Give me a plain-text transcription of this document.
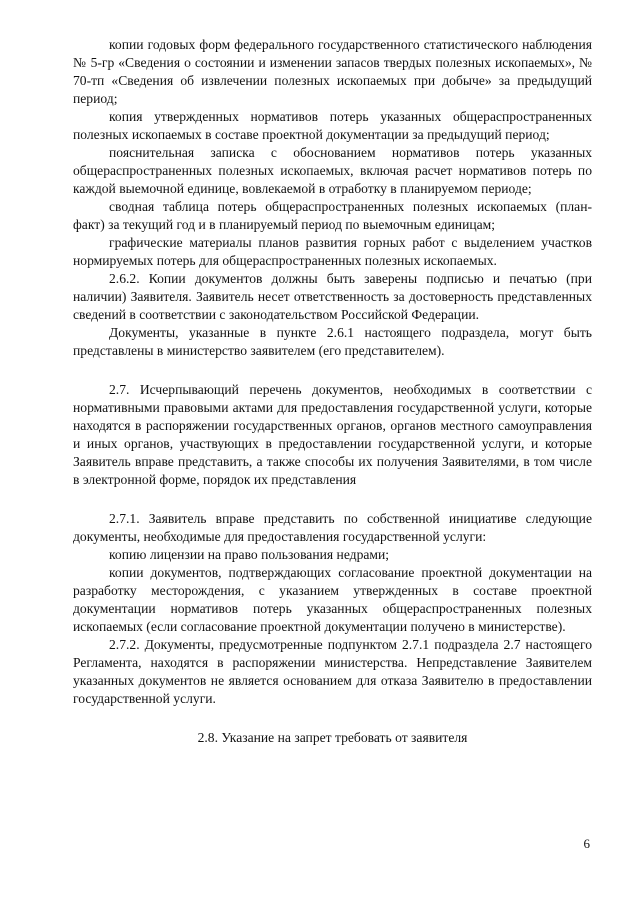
копии годовых форм федерального государственного статистического наблюдения № 5-гр «Сведения о состоянии и изменении запасов твердых полезных ископаемых», № 70-тп «Сведения об извлечении полезных ископаемых при добыче» за предыдущий период;

копия утвержденных нормативов потерь указанных общераспространенных полезных ископаемых в составе проектной документации за предыдущий период;

пояснительная записка с обоснованием нормативов потерь указанных общераспространенных полезных ископаемых, включая расчет нормативов потерь по каждой выемочной единице, вовлекаемой в отработку в планируемом периоде;

сводная таблица потерь общераспространенных полезных ископаемых (план-факт) за текущий год и в планируемый период по выемочным единицам;

графические материалы планов развития горных работ с выделением участков нормируемых потерь для общераспространенных полезных ископаемых.

2.6.2. Копии документов должны быть заверены подписью и печатью (при наличии) Заявителя. Заявитель несет ответственность за достоверность представленных сведений в соответствии с законодательством Российской Федерации.

Документы, указанные в пункте 2.6.1 настоящего подраздела, могут быть представлены в министерство заявителем (его представителем).

2.7. Исчерпывающий перечень документов, необходимых в соответствии с нормативными правовыми актами для предоставления государственной услуги, которые находятся в распоряжении государственных органов, органов местного самоуправления и иных органов, участвующих в предоставлении государственной услуги, и которые Заявитель вправе представить, а также способы их получения Заявителями, в том числе в электронной форме, порядок их представления

2.7.1. Заявитель вправе представить по собственной инициативе следующие документы, необходимые для предоставления государственной услуги:

копию лицензии на право пользования недрами;

копии документов, подтверждающих согласование проектной документации на разработку месторождения, с указанием утвержденных в составе проектной документации нормативов потерь указанных общераспространенных полезных ископаемых (если согласование проектной документации получено в министерстве).

2.7.2. Документы, предусмотренные подпунктом 2.7.1 подраздела 2.7 настоящего Регламента, находятся в распоряжении министерства. Непредставление Заявителем указанных документов не является основанием для отказа Заявителю в предоставлении государственной услуги.

2.8. Указание на запрет требовать от заявителя

6
